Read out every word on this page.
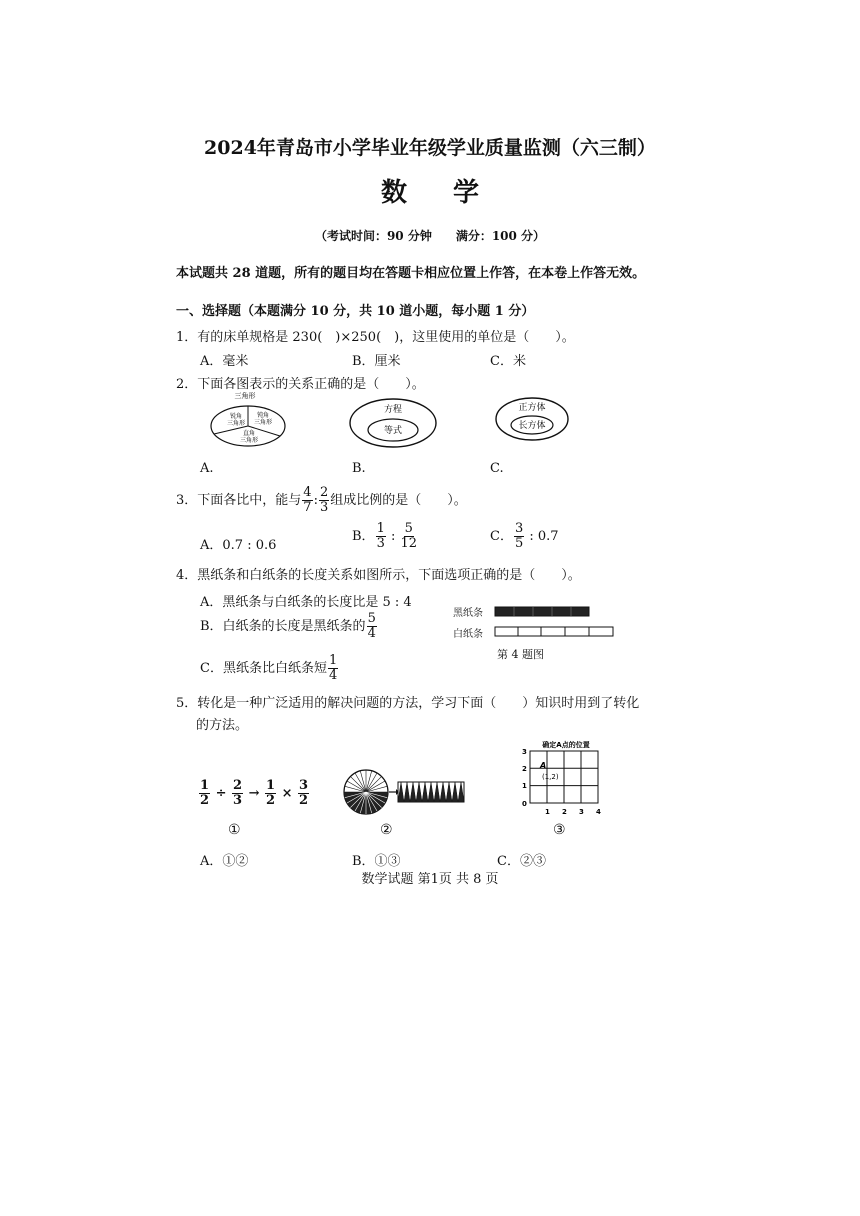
2024年青岛市小学毕业年级学业质量监测（六三制）
数学
（考试时间：90 分钟　　满分：100 分）
本试题共 28 道题，所有的题目均在答题卡相应位置上作答，在本卷上作答无效。
一、选择题（本题满分 10 分，共 10 道小题，每小题 1 分）
1．有的床单规格是 230(　)×250(　)，这里使用的单位是（　　）。
A．毫米	B．厘米	C．米
2．下面各图表示的关系正确的是（　　）。
三角形
锐角
三角形
钝角
三角形
直角
三角形
方程
等式
正方体
长方体
A.	B.	C.
3．下面各比中，能与 $\frac{4}{7}$ : $\frac{2}{3}$ 组成比例的是（　　）。
A．0.7 : 0.6
B． $\frac{1}{3}$ : $\frac{5}{12}$	C． $\frac{3}{5}$ : 0.7
4．黑纸条和白纸条的长度关系如图所示，下面选项正确的是（　　）。
A．黑纸条与白纸条的长度比是 5 : 4
B．白纸条的长度是黑纸条的 $\frac{5}{4}$
C．黑纸条比白纸条短 $\frac{1}{4}$
黑纸条
白纸条
第 4 题图
5．转化是一种广泛适用的解决问题的方法，学习下面（　　）知识时用到了转化
的方法。
$\frac{1}{2} \div \frac{2}{3} \to \frac{1}{2} \times \frac{3}{2}$
确定A点的位置
A
(1,2)
0
1
2
3
1 2 3 4
①	②	③
A．①②	B．①③	C．②③
数学试题 第1页 共 8 页
